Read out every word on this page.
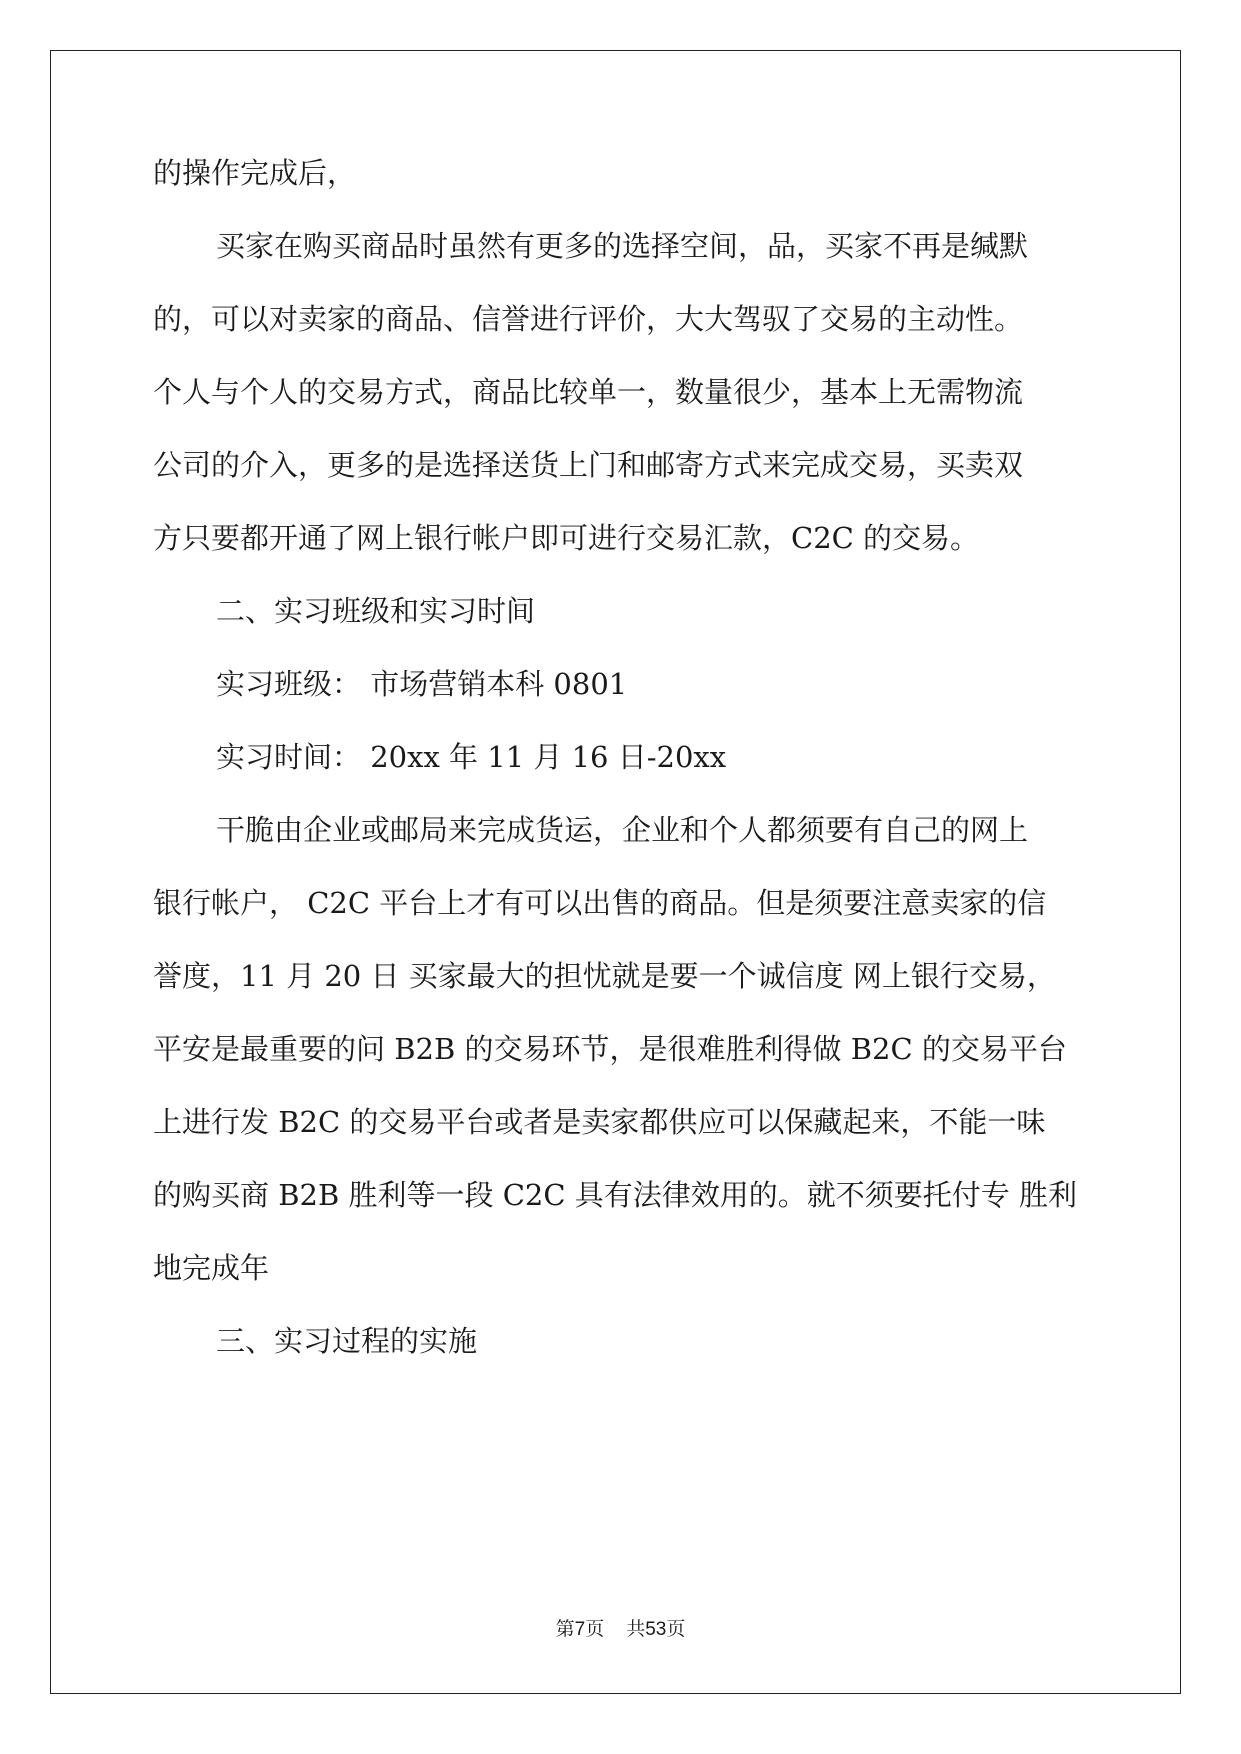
的操作完成后，

买家在购买商品时虽然有更多的选择空间，品，买家不再是缄默

的，可以对卖家的商品、信誉进行评价，大大驾驭了交易的主动性。

个人与个人的交易方式，商品比较单一，数量很少，基本上无需物流

公司的介入，更多的是选择送货上门和邮寄方式来完成交易，买卖双

方只要都开通了网上银行帐户即可进行交易汇款，C2C 的交易。

二、实习班级和实习时间

实习班级： 市场营销本科 0801

实习时间： 20xx 年 11 月 16 日-20xx

干脆由企业或邮局来完成货运，企业和个人都须要有自己的网上

银行帐户， C2C 平台上才有可以出售的商品。但是须要注意卖家的信

誉度，11 月 20 日 买家最大的担忧就是要一个诚信度 网上银行交易，

平安是最重要的问 B2B 的交易环节，是很难胜利得做 B2C 的交易平台

上进行发 B2C 的交易平台或者是卖家都供应可以保藏起来，不能一味

的购买商 B2B 胜利等一段 C2C 具有法律效用的。就不须要托付专 胜利

地完成年

三、实习过程的实施

第7页 共53页
